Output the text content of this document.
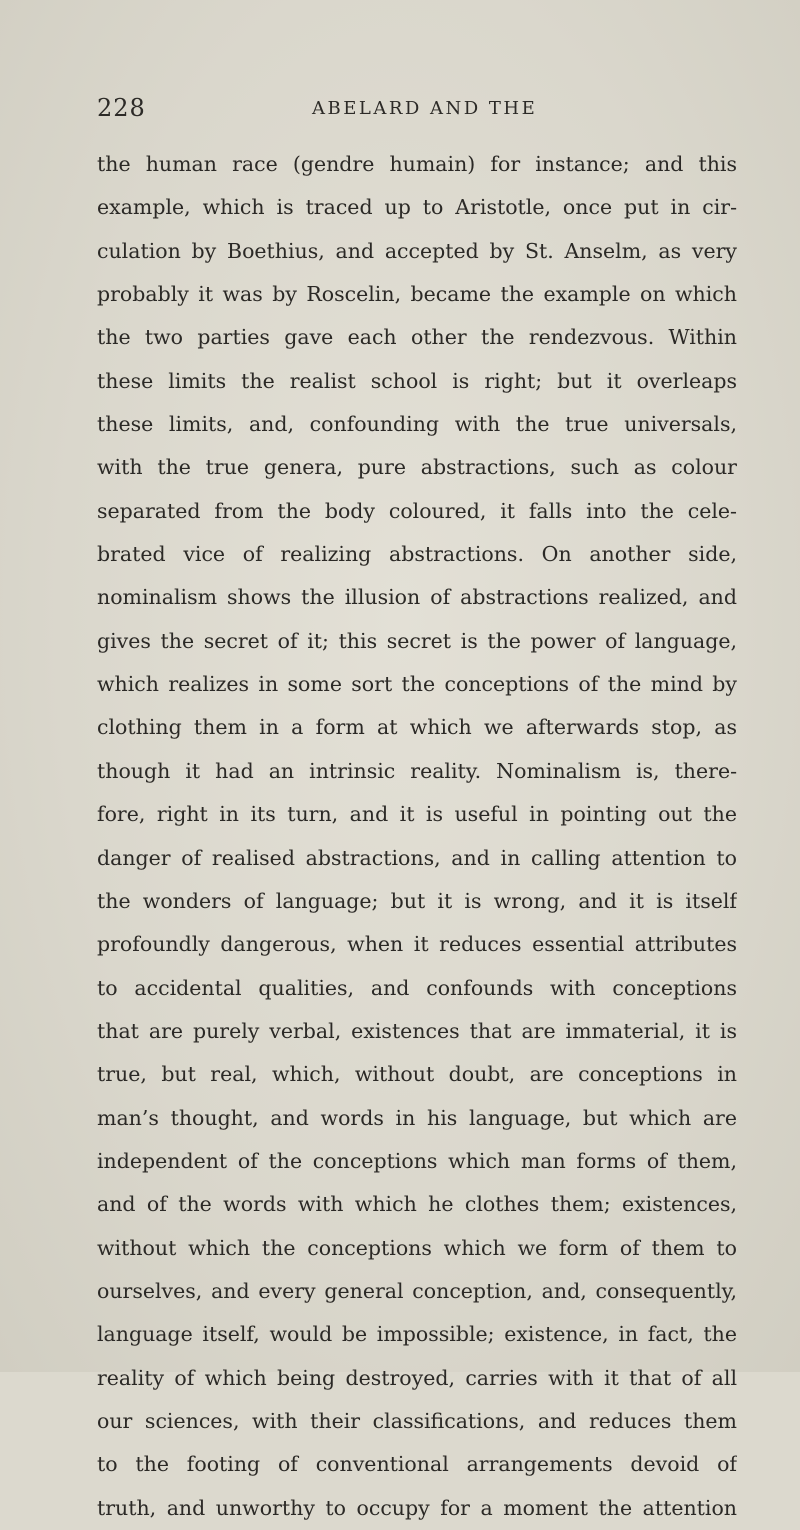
228	ABELARD AND THE
the human race (gendre humain) for instance; and this
example, which is traced up to Aristotle, once put in cir-
culation by Boethius, and accepted by St. Anselm, as very
probably it was by Roscelin, became the example on which
the two parties gave each other the rendezvous. Within
these limits the realist school is right; but it overleaps
these limits, and, confounding with the true universals,
with the true genera, pure abstractions, such as colour
separated from the body coloured, it falls into the cele-
brated vice of realizing abstractions. On another side,
nominalism shows the illusion of abstractions realized, and
gives the secret of it; this secret is the power of language,
which realizes in some sort the conceptions of the mind by
clothing them in a form at which we afterwards stop, as
though it had an intrinsic reality. Nominalism is, there-
fore, right in its turn, and it is useful in pointing out the
danger of realised abstractions, and in calling attention to
the wonders of language; but it is wrong, and it is itself
profoundly dangerous, when it reduces essential attributes
to accidental qualities, and confounds with conceptions
that are purely verbal, existences that are immaterial, it is
true, but real, which, without doubt, are conceptions in
man’s thought, and words in his language, but which are
independent of the conceptions which man forms of them,
and of the words with which he clothes them; existences,
without which the conceptions which we form of them to
ourselves, and every general conception, and, consequently,
language itself, would be impossible; existence, in fact, the
reality of which being destroyed, carries with it that of all
our sciences, with their classifications, and reduces them
to the footing of conventional arrangements devoid of
truth, and unworthy to occupy for a moment the attention
